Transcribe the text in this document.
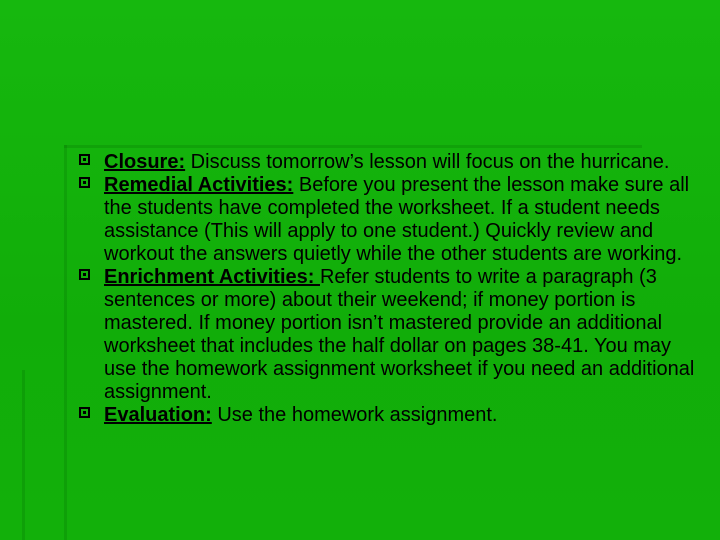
Closure: Discuss tomorrow’s lesson will focus on the hurricane.
Remedial Activities: Before you present the lesson make sure all the students have completed the worksheet. If a student needs assistance (This will apply to one student.) Quickly review and workout the answers quietly while the other students are working.
Enrichment Activities: Refer students to write a paragraph (3 sentences or more) about their weekend; if money portion is mastered. If money portion isn’t mastered provide an additional worksheet that includes the half dollar on pages 38-41. You may use the homework assignment worksheet if you need an additional assignment.
Evaluation: Use the homework assignment.
